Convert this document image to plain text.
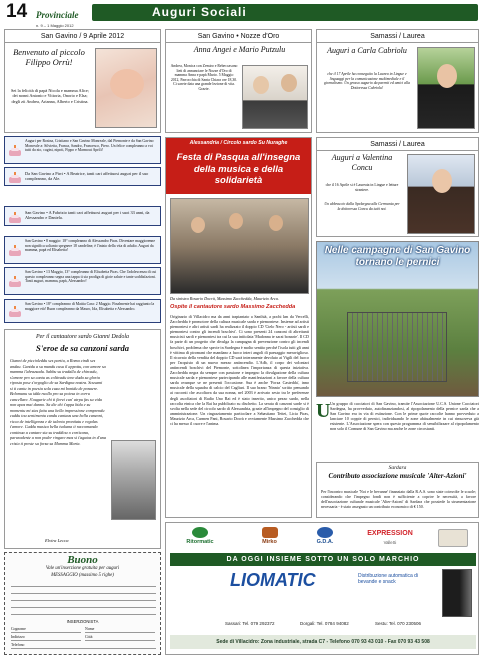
14 Provinciale
n. 9 – 1 Maggio 2012
Auguri Sociali
San Gavino / 9 Aprile 2012
Benvenuto al piccolo Filippo Orrù!
Sei la felicità di papà Nicola e mamma Alice; dei nonni Antonio e Vittoria, Onorio e Elsa; degli zii Andrea, Arianna, Alberto e Cristina.
Auguri per Rosina, Cristiano e San Gavino Monreale, dal Piemonte e da San Gavino Monreale a: Silvietta, Franca, Sandro, Francesco, Piero. Un felice compleanno a voi tutti da zio, cugini, nipoti, Fippo e Marmout Aprili!
Da San Gavino a Pirri • A Beatrice, tanti cari affettuosi auguri per il suo compleanno, da Ale.
San Gavino • A Fabrizio tanti cari affettuosi auguri per i suoi 33 anni, da Alessandro e Daniela.
San Gavino • 8 maggio: 18° compleanno di Alessandro Piras. Diventare maggiorenne non significa soltanto spegnere 18 candeline, è l'inizio della vita di adulto. Auguri da mamma, papà ed Elisabetta!
San Gavino • 13 Maggio, 13° compleanno di Elisabetta Piras. Che l'adolescenza di cui questo compleanno segna una tappa ti sia prodiga di gioie salute e tante soddisfazioni. Tanti auguri, mamma, papà, Alessandro!
San Gavino • 18° compleanno di Mattia Cara: 2 Maggio. Finalmente hai raggiunto la maggiore età! Buon compleanno da Mauro, Ida, Elisabetta e Alessandro.
Per il cantautore sardo Gianni Dedola
S'eroe de sa canzoni sarda
Gianni de piccioleddu ses partiu, a Roma cindi ses andau. Cantdu a su mundu cusu il appottu, con amore sa mamma l'abrazzadu. Sabbu su tradallu de chircadu, s'amore pro sa cantu as coltivadu tene duda sa gloria riposta pose s'orgoglio de sa Sardigna nostra. Scusami si ti cantu in poesia sola cuzu mi bonidu de ponaere. Bolomunu su idda ruolla pro sa poiesa in corru cancellare. S'augurie chi ti fierzi cun' atrpu fas su vida non apas mai danno. Sa die chi t'appa bidu e su momentu mi sias fattu una bella impressione comprendu cuddu tou sentimentu candu cantaus una bella canzoni, ricca de intelligenza e de talentu prontiatu e regalas t'amore. Cuddu musica bella isokana ti raccomanda continua a cantare sia su traddiou o corticana, paruradente a non poder ringare mas si t'agatas in d'una crisia ti preste sa forza sa Mamma Maria.
Elvira Lecca
Buono
Vale un'inserzione gratuita per auguri
MESSAGGIO (massimo 5 righe)
INSERZIONISTA
Cognome	Nome
Indirizzo	Città
Telefono
San Gavino • Nozze d'Oro
Anna Angei e Mario Putzulu
Andrea, Monica con Zemiro e Rebeccasono lieti di annunciare le Nozze d'Oro di mamma Anna e papà Mario. 5 Maggio 2012, Parrocchia di Santa Chiara ore 18,30. Ci sarete data una grande lezione di vita. Grazie.
Alessandria / Circolo sardo Su Nuraghe
Festa di Pasqua all'insegna della musica e della solidarietà
Da sinistra Rosario Docrà, Massimo Zacchedda, Maurizio Arca.
Ospite il cantautore sardo Massimo Zacchedda
Originario di Villacidro ma da anni trapiantato a Santhià, a pochi km da Vercelli, Zacchedda è promotore della cultura musicale sarda e piemontese. Insieme ad artisti piemontesi e altri artisti sardi ha realizzato il doppio CD 'Cielo Nero - artisti sardi e piemontesi contro gli incendi boschivi'. Ci sono presenti 24 canzoni di altrettanti musicisti sardi e piemontesi tra cui la sua intitolata 'Madonna te sarai bonarie'. Il CD fa parte di un progetto che divulga la campagna di prevenzione contro gli incendi boschivi, problema che specie in Sardegna è molto sentito perché l'isola tutti gli anni è vittima di piromani che mandano a fuoco interi angoli di paesaggio meraviglioso. Il ricavato della vendita del doppio CD sarà interamente devoluto ai Vigili del fuoco per l'acquisto di un nuovo mezzo antincendio. L'Adb, il corpo dei volontari antincendi boschivi del Piemonte, sottolinea l'importanza di questa iniziativa. Zacchedda negra da sempre con passione e impegno la divulgazione della cultura musicale sarda e piemontese partecipando alle manifestazioni a favore della cultura sarda ovunque se ne presenti l'occasione. Sua è anche 'Forza Castedda', inno musicale della squadra di calcio del Cagliari. Il suo brano 'Ninnio' scritto pensando ai racconti che ascoltava da sua nonna, nel 2003 è arrivato sesto tra le preferenze degli ascoltatori di Radio Uno Rai ed è stato inserito, unico pezzo sardo, nella raccolta etnica che la Rai ha pubblicato su dischetto. La serata di canzoni sarde si è svolta nella sede del circolo sardo di Alessandria, grazie all'impegno del consiglio di amministrazione. Un ringraziamento particolare a Sebastiano Tettei, Licia Piras, Maurizio Arca, Carmen Pani, Rosario Docrà e ovviamente Massimo Zacchedda che ci ha messo il cuore e l'anima.
Samassi / Laurea
Auguri a Carla Cabriolu
che il 17 Aprile ha conseguito la Laurea in Lingue e linguaggi per la comunicazione multimediale e il giornalismo. Un grosso augurio da parenti ed amici alla Dottoressa Cabriolu!
Samassi / Laurea
Auguri a Valentina Concu
che il 16 Aprile si è Laureata in Lingue e letture straniere.
Un abbraccio dalla Spelargna alla Germania per la dottoressa Concu da tutti noi.
Nelle campagne di San Gavino tornano le pernici
U Un gruppo di cacciatori di San Gavino, tramite l'Associazione U.C.S. Unione Cacciatori Sardegna, ha provveduto, autofinanziandosi, al ripopolamento della pernice sarda che a San Gavino era in via di estinzione. Con le prime quote raccolte hanno provveduto a lanciare 10 coppie di pernici, individuando le zone abitualmente in cui rimuoveva già esistente. L'Associazione spera con questo programma di sensibilizzare al ripopolamento non solo il Comune di San Gavino ma anche le zone circostanti.
Sardara
Contributo associazione musicale 'Alter-Azioni'
Per l'incontro musicale 'Noi e le bevanne' finanziato dalla R.A.S. sono state coinvolte le scuole; considerando che l'impegno fondi non è sufficiente a coprire le necessità, a favore dell'associazione culturale musicale 'Alter-Azioni' di Sardara che possiede la strumentazione necessaria - è stato assegnato un contributo economico di € 150.
Ritormatic	Mirko	G.D.A.
EXPRESSION
ValleSi
DA OGGI INSIEME SOTTO UN SOLO MARCHIO
LIOMATIC	Distribuzione automatica di bevande e snack
Sassari: Tel. 079 292372	Dorgali: Tel. 0784 94082	Sestu: Tel. 070 230506
Sede di Villacidro: Zona industriale, strada C7 - Telefono 070 93 43 010 - Fax 070 93 43 508
